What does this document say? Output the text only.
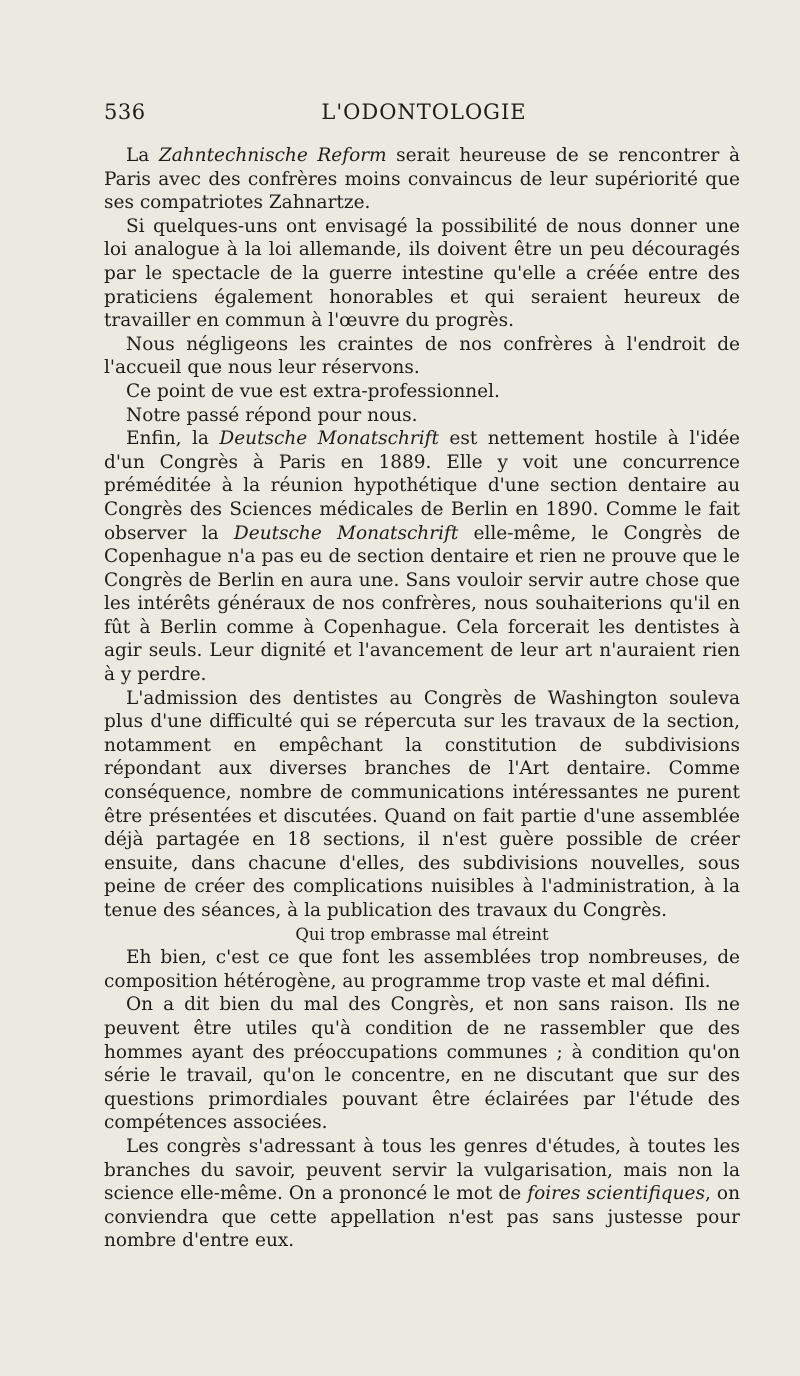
536	L'ODONTOLOGIE

La Zahntechnische Reform serait heureuse de se rencontrer à Paris avec des confrères moins convaincus de leur supériorité que ses compatriotes Zahnartze.

Si quelques-uns ont envisagé la possibilité de nous donner une loi analogue à la loi allemande, ils doivent être un peu découragés par le spectacle de la guerre intestine qu'elle a créée entre des praticiens également honorables et qui seraient heureux de travailler en commun à l'œuvre du progrès.

Nous négligeons les craintes de nos confrères à l'endroit de l'accueil que nous leur réservons.

Ce point de vue est extra-professionnel.

Notre passé répond pour nous.

Enfin, la Deutsche Monatschrift est nettement hostile à l'idée d'un Congrès à Paris en 1889. Elle y voit une concurrence préméditée à la réunion hypothétique d'une section dentaire au Congrès des Sciences médicales de Berlin en 1890. Comme le fait observer la Deutsche Monatschrift elle-même, le Congrès de Copenhague n'a pas eu de section dentaire et rien ne prouve que le Congrès de Berlin en aura une. Sans vouloir servir autre chose que les intérêts généraux de nos confrères, nous souhaiterions qu'il en fût à Berlin comme à Copenhague. Cela forcerait les dentistes à agir seuls. Leur dignité et l'avancement de leur art n'auraient rien à y perdre.

L'admission des dentistes au Congrès de Washington souleva plus d'une difficulté qui se répercuta sur les travaux de la section, notamment en empêchant la constitution de subdivisions répondant aux diverses branches de l'Art dentaire. Comme conséquence, nombre de communications intéressantes ne purent être présentées et discutées. Quand on fait partie d'une assemblée déjà partagée en 18 sections, il n'est guère possible de créer ensuite, dans chacune d'elles, des subdivisions nouvelles, sous peine de créer des complications nuisibles à l'administration, à la tenue des séances, à la publication des travaux du Congrès.

Qui trop embrasse mal étreint

Eh bien, c'est ce que font les assemblées trop nombreuses, de composition hétérogène, au programme trop vaste et mal défini.

On a dit bien du mal des Congrès, et non sans raison. Ils ne peuvent être utiles qu'à condition de ne rassembler que des hommes ayant des préoccupations communes ; à condition qu'on série le travail, qu'on le concentre, en ne discutant que sur des questions primordiales pouvant être éclairées par l'étude des compétences associées.

Les congrès s'adressant à tous les genres d'études, à toutes les branches du savoir, peuvent servir la vulgarisation, mais non la science elle-même. On a prononcé le mot de foires scientifiques, on conviendra que cette appellation n'est pas sans justesse pour nombre d'entre eux.
